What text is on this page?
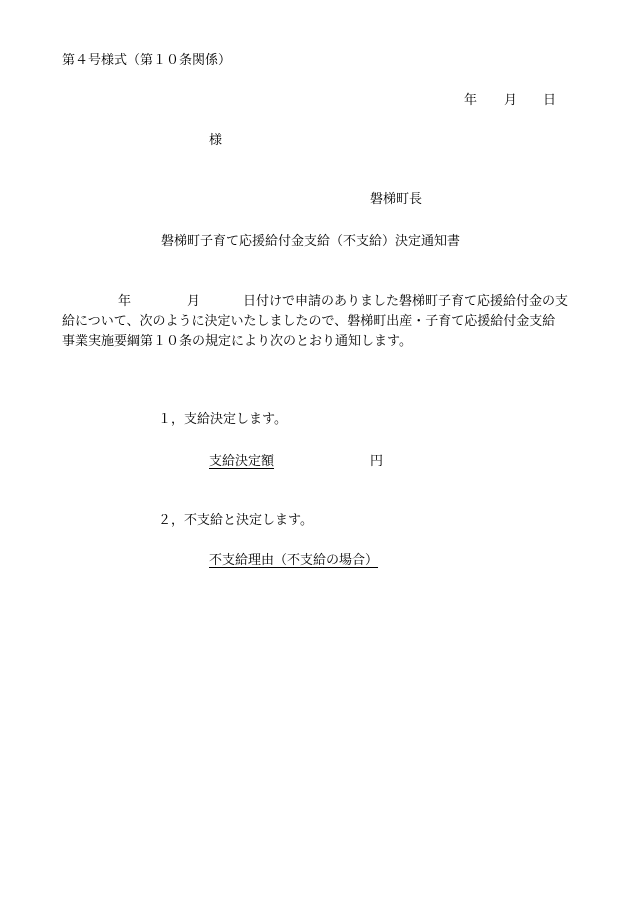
第４号様式（第１０条関係）
年 月 日
様
磐梯町長
磐梯町子育て応援給付金支給（不支給）決定通知書
年	月	日付けで申請のありました磐梯町子育て応援給付金の支
給について、次のように決定いたしましたので、磐梯町出産・子育て応援給付金支給
事業実施要綱第１０条の規定により次のとおり通知します。
１，支給決定します。
支給決定額	円
２，不支給と決定します。
不支給理由（不支給の場合）
